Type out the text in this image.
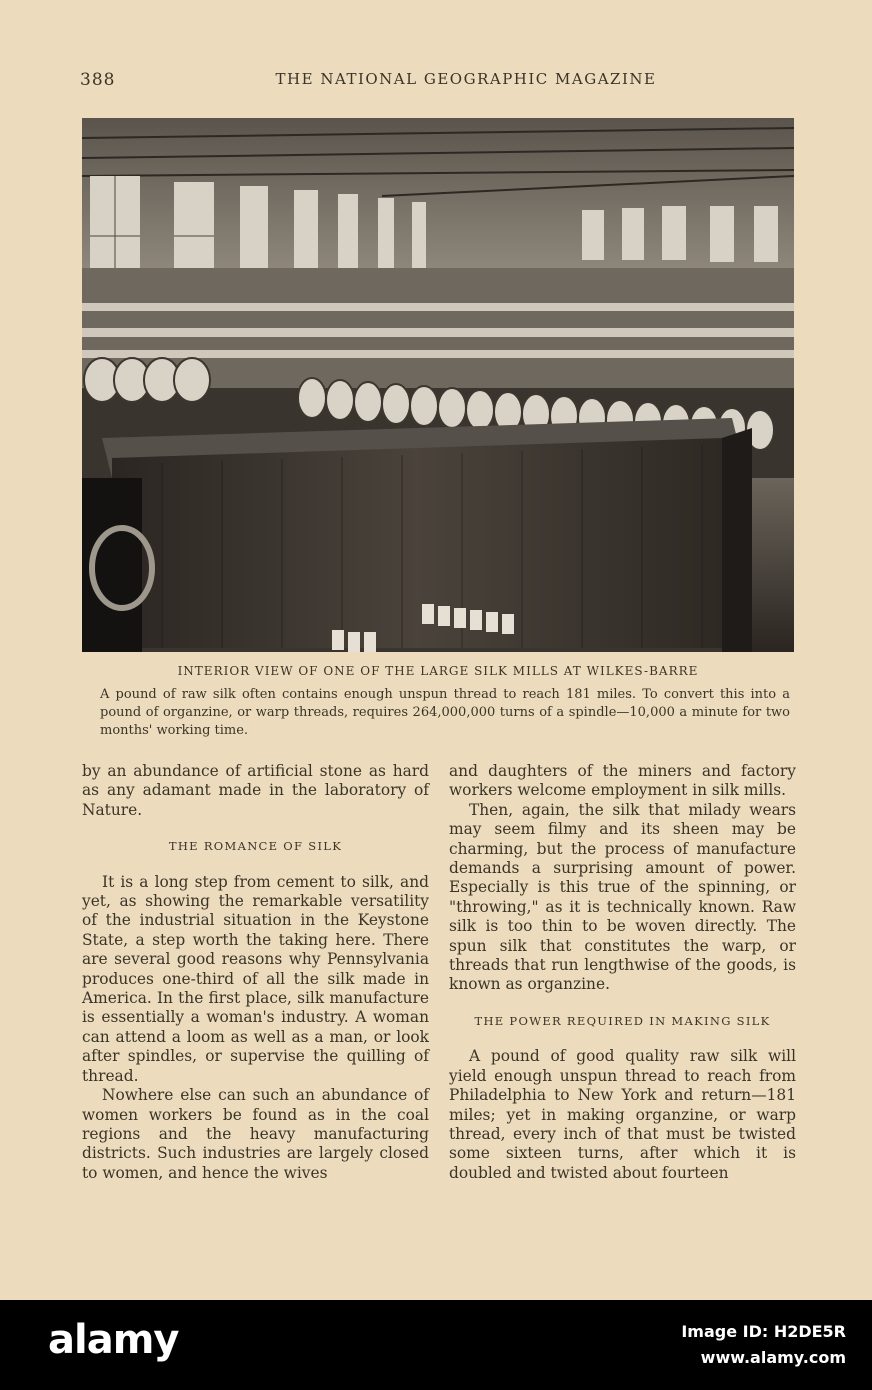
388	THE NATIONAL GEOGRAPHIC MAGAZINE
INTERIOR VIEW OF ONE OF THE LARGE SILK MILLS AT WILKES-BARRE
A pound of raw silk often contains enough unspun thread to reach 181 miles. To convert this into a pound of organzine, or warp threads, requires 264,000,000 turns of a spindle—10,000 a minute for two months' working time.

by an abundance of artificial stone as hard as any adamant made in the laboratory of Nature.

THE ROMANCE OF SILK

It is a long step from cement to silk, and yet, as showing the remarkable versatility of the industrial situation in the Keystone State, a step worth the taking here. There are several good reasons why Pennsylvania produces one-third of all the silk made in America. In the first place, silk manufacture is essentially a woman's industry. A woman can attend a loom as well as a man, or look after spindles, or supervise the quilling of thread.

Nowhere else can such an abundance of women workers be found as in the coal regions and the heavy manufacturing districts. Such industries are largely closed to women, and hence the wives

and daughters of the miners and factory workers welcome employment in silk mills.

Then, again, the silk that milady wears may seem filmy and its sheen may be charming, but the process of manufacture demands a surprising amount of power. Especially is this true of the spinning, or "throwing," as it is technically known. Raw silk is too thin to be woven directly. The spun silk that constitutes the warp, or threads that run lengthwise of the goods, is known as organzine.

THE POWER REQUIRED IN MAKING SILK

A pound of good quality raw silk will yield enough unspun thread to reach from Philadelphia to New York and return—181 miles; yet in making organzine, or warp thread, every inch of that must be twisted some sixteen turns, after which it is doubled and twisted about fourteen

alamy	Image ID: H2DE5R
www.alamy.com
